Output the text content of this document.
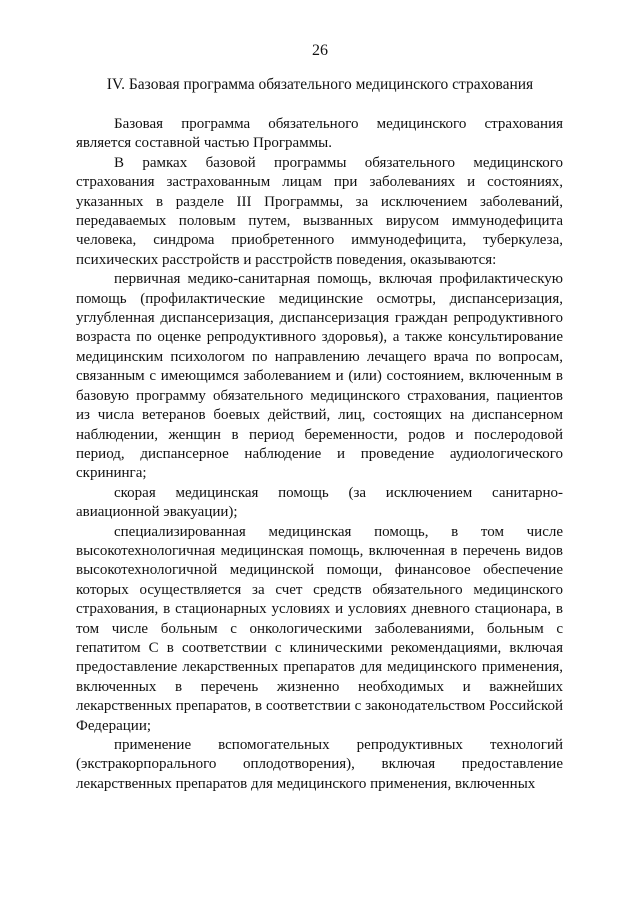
26
IV. Базовая программа обязательного медицинского страхования

Базовая программа обязательного медицинского страхования является составной частью Программы.

В рамках базовой программы обязательного медицинского страхования застрахованным лицам при заболеваниях и состояниях, указанных в разделе III Программы, за исключением заболеваний, передаваемых половым путем, вызванных вирусом иммунодефицита человека, синдрома приобретенного иммунодефицита, туберкулеза, психических расстройств и расстройств поведения, оказываются:

первичная медико-санитарная помощь, включая профилактическую помощь (профилактические медицинские осмотры, диспансеризация, углубленная диспансеризация, диспансеризация граждан репродуктивного возраста по оценке репродуктивного здоровья), а также консультирование медицинским психологом по направлению лечащего врача по вопросам, связанным с имеющимся заболеванием и (или) состоянием, включенным в базовую программу обязательного медицинского страхования, пациентов из числа ветеранов боевых действий, лиц, состоящих на диспансерном наблюдении, женщин в период беременности, родов и послеродовой период, диспансерное наблюдение и проведение аудиологического скрининга;

скорая медицинская помощь (за исключением санитарно-авиационной эвакуации);

специализированная медицинская помощь, в том числе высокотехнологичная медицинская помощь, включенная в перечень видов высокотехнологичной медицинской помощи, финансовое обеспечение которых осуществляется за счет средств обязательного медицинского страхования, в стационарных условиях и условиях дневного стационара, в том числе больным с онкологическими заболеваниями, больным с гепатитом С в соответствии с клиническими рекомендациями, включая предоставление лекарственных препаратов для медицинского применения, включенных в перечень жизненно необходимых и важнейших лекарственных препаратов, в соответствии с законодательством Российской Федерации;

применение вспомогательных репродуктивных технологий (экстракорпорального оплодотворения), включая предоставление лекарственных препаратов для медицинского применения, включенных
